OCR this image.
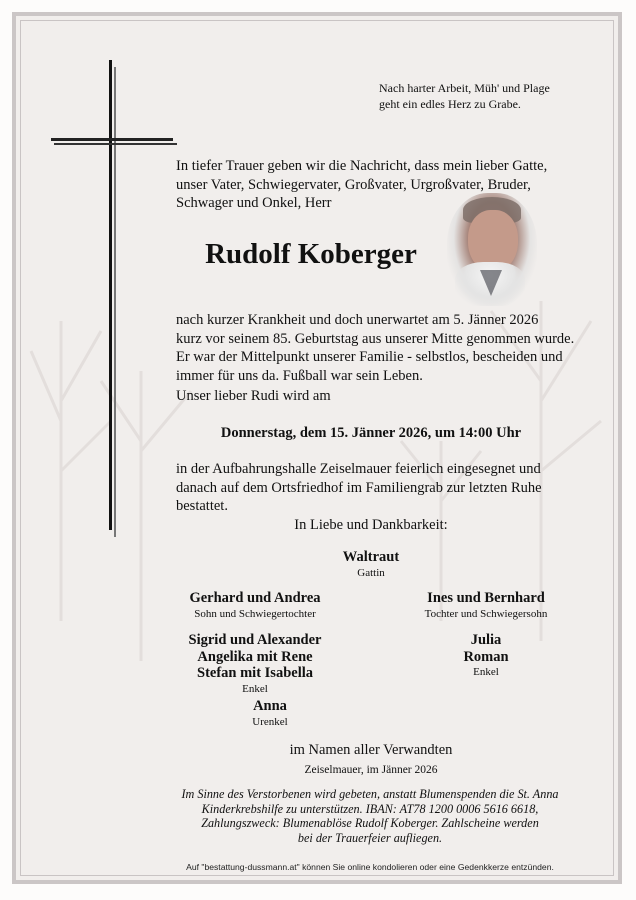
Nach harter Arbeit, Müh' und Plage
geht ein edles Herz zu Grabe.
In tiefer Trauer geben wir die Nachricht, dass mein lieber Gatte,
unser Vater, Schwiegervater, Großvater, Urgroßvater, Bruder,
Schwager und Onkel, Herr
Rudolf Koberger
nach kurzer Krankheit und doch unerwartet am 5. Jänner 2026
kurz vor seinem 85. Geburtstag aus unserer Mitte genommen wurde.
Er war der Mittelpunkt unserer Familie - selbstlos, bescheiden und
immer für uns da. Fußball war sein Leben.
Unser lieber Rudi wird am
Donnerstag, dem 15. Jänner 2026, um 14:00 Uhr
in der Aufbahrungshalle Zeiselmauer feierlich eingesegnet und
danach auf dem Ortsfriedhof im Familiengrab zur letzten Ruhe
bestattet.
In Liebe und Dankbarkeit:
Waltraut
Gattin
Gerhard und Andrea
Sohn und Schwiegertochter
Ines und Bernhard
Tochter und Schwiegersohn
Sigrid und Alexander
Angelika mit Rene
Stefan mit Isabella
Enkel
Julia
Roman
Enkel
Anna
Urenkel
im Namen aller Verwandten
Zeiselmauer, im Jänner 2026
Im Sinne des Verstorbenen wird gebeten, anstatt Blumenspenden die St. Anna
Kinderkrebshilfe zu unterstützen. IBAN: AT78 1200 0006 5616 6618,
Zahlungszweck: Blumenablöse Rudolf Koberger. Zahlscheine werden
bei der Trauerfeier aufliegen.
Auf "bestattung-dussmann.at" können Sie online kondolieren oder eine Gedenkkerze entzünden.
